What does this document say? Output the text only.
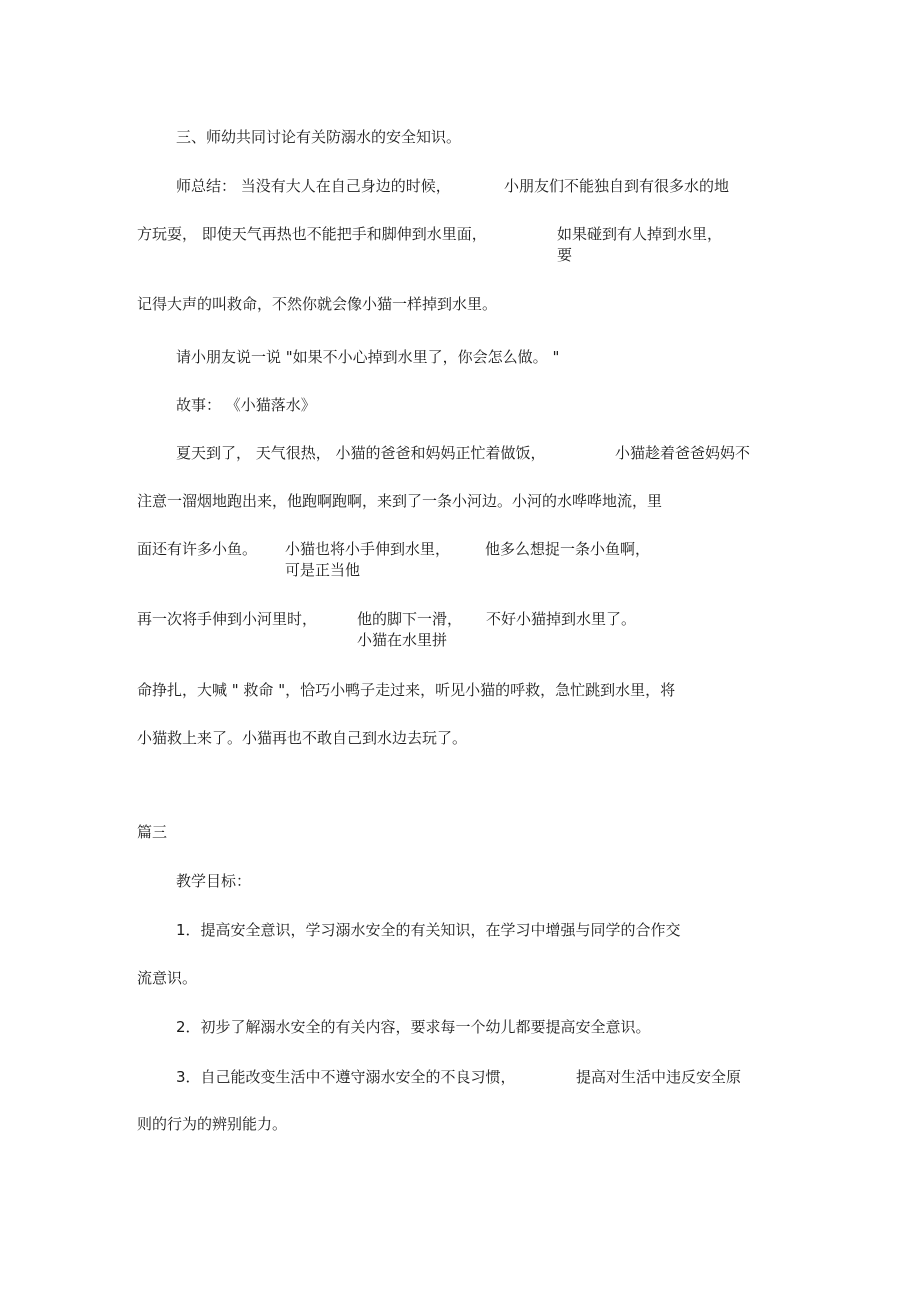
三、师幼共同讨论有关防溺水的安全知识。
师总结： 当没有大人在自己身边的时候，	小朋友们不能独自到有很多水的地
方玩耍， 即使天气再热也不能把手和脚伸到水里面，	如果碰到有人掉到水里，
要
记得大声的叫救命，不然你就会像小猫一样掉到水里。
请小朋友说一说 "如果不小心掉到水里了，你会怎么做。 "
故事： 《小猫落水》
夏天到了， 天气很热， 小猫的爸爸和妈妈正忙着做饭，	小猫趁着爸爸妈妈不
注意一溜烟地跑出来，他跑啊跑啊，来到了一条小河边。小河的水哗哗地流，里
面还有许多小鱼。 小猫也将小手伸到水里，
可是正当他
他多么想捉一条小鱼啊，
再一次将手伸到小河里时，	他的脚下一滑，
小猫在水里拼
不好小猫掉到水里了。
命挣扎，大喊 " 救命 "，恰巧小鸭子走过来，听见小猫的呼救，急忙跳到水里，将
小猫救上来了。小猫再也不敢自己到水边去玩了。
篇三
教学目标：
1．提高安全意识，学习溺水安全的有关知识，在学习中增强与同学的合作交
流意识。
2．初步了解溺水安全的有关内容，要求每一个幼儿都要提高安全意识。
3．自己能改变生活中不遵守溺水安全的不良习惯，	提高对生活中违反安全原
则的行为的辨别能力。
